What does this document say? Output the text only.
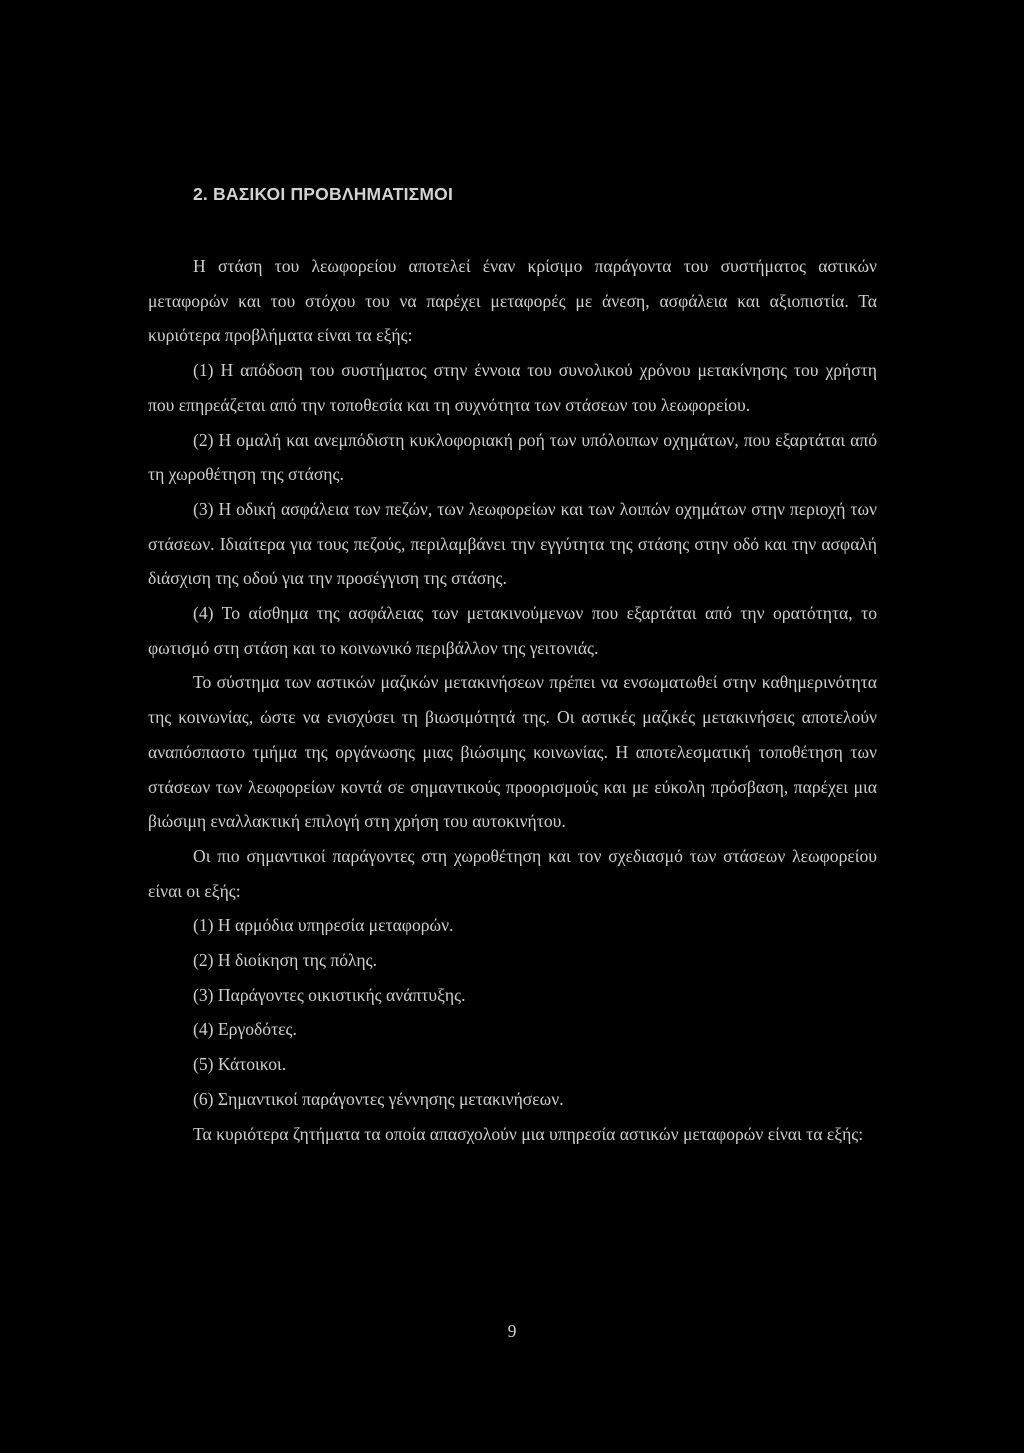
2. ΒΑΣΙΚΟΙ ΠΡΟΒΛΗΜΑΤΙΣΜΟΙ

Η στάση του λεωφορείου αποτελεί έναν κρίσιμο παράγοντα του συστήματος αστικών μεταφορών και του στόχου του να παρέχει μεταφορές με άνεση, ασφάλεια και αξιοπιστία. Τα κυριότερα προβλήματα είναι τα εξής:

(1) Η απόδοση του συστήματος στην έννοια του συνολικού χρόνου μετακίνησης του χρήστη που επηρεάζεται από την τοποθεσία και τη συχνότητα των στάσεων του λεωφορείου.

(2) Η ομαλή και ανεμπόδιστη κυκλοφοριακή ροή των υπόλοιπων οχημάτων, που εξαρτάται από τη χωροθέτηση της στάσης.

(3) Η οδική ασφάλεια των πεζών, των λεωφορείων και των λοιπών οχημάτων στην περιοχή των στάσεων. Ιδιαίτερα για τους πεζούς, περιλαμβάνει την εγγύτητα της στάσης στην οδό και την ασφαλή διάσχιση της οδού για την προσέγγιση της στάσης.

(4) Το αίσθημα της ασφάλειας των μετακινούμενων που εξαρτάται από την ορατότητα, το φωτισμό στη στάση και το κοινωνικό περιβάλλον της γειτονιάς.

Το σύστημα των αστικών μαζικών μετακινήσεων πρέπει να ενσωματωθεί στην καθημερινότητα της κοινωνίας, ώστε να ενισχύσει τη βιωσιμότητά της. Οι αστικές μαζικές μετακινήσεις αποτελούν αναπόσπαστο τμήμα της οργάνωσης μιας βιώσιμης κοινωνίας. Η αποτελεσματική τοποθέτηση των στάσεων των λεωφορείων κοντά σε σημαντικούς προορισμούς και με εύκολη πρόσβαση, παρέχει μια βιώσιμη εναλλακτική επιλογή στη χρήση του αυτοκινήτου.

Οι πιο σημαντικοί παράγοντες στη χωροθέτηση και τον σχεδιασμό των στάσεων λεωφορείου είναι οι εξής:

(1) Η αρμόδια υπηρεσία μεταφορών.

(2) Η διοίκηση της πόλης.

(3) Παράγοντες οικιστικής ανάπτυξης.

(4) Εργοδότες.

(5) Κάτοικοι.

(6) Σημαντικοί παράγοντες γέννησης μετακινήσεων.

Τα κυριότερα ζητήματα τα οποία απασχολούν μια υπηρεσία αστικών μεταφορών είναι τα εξής:

9
